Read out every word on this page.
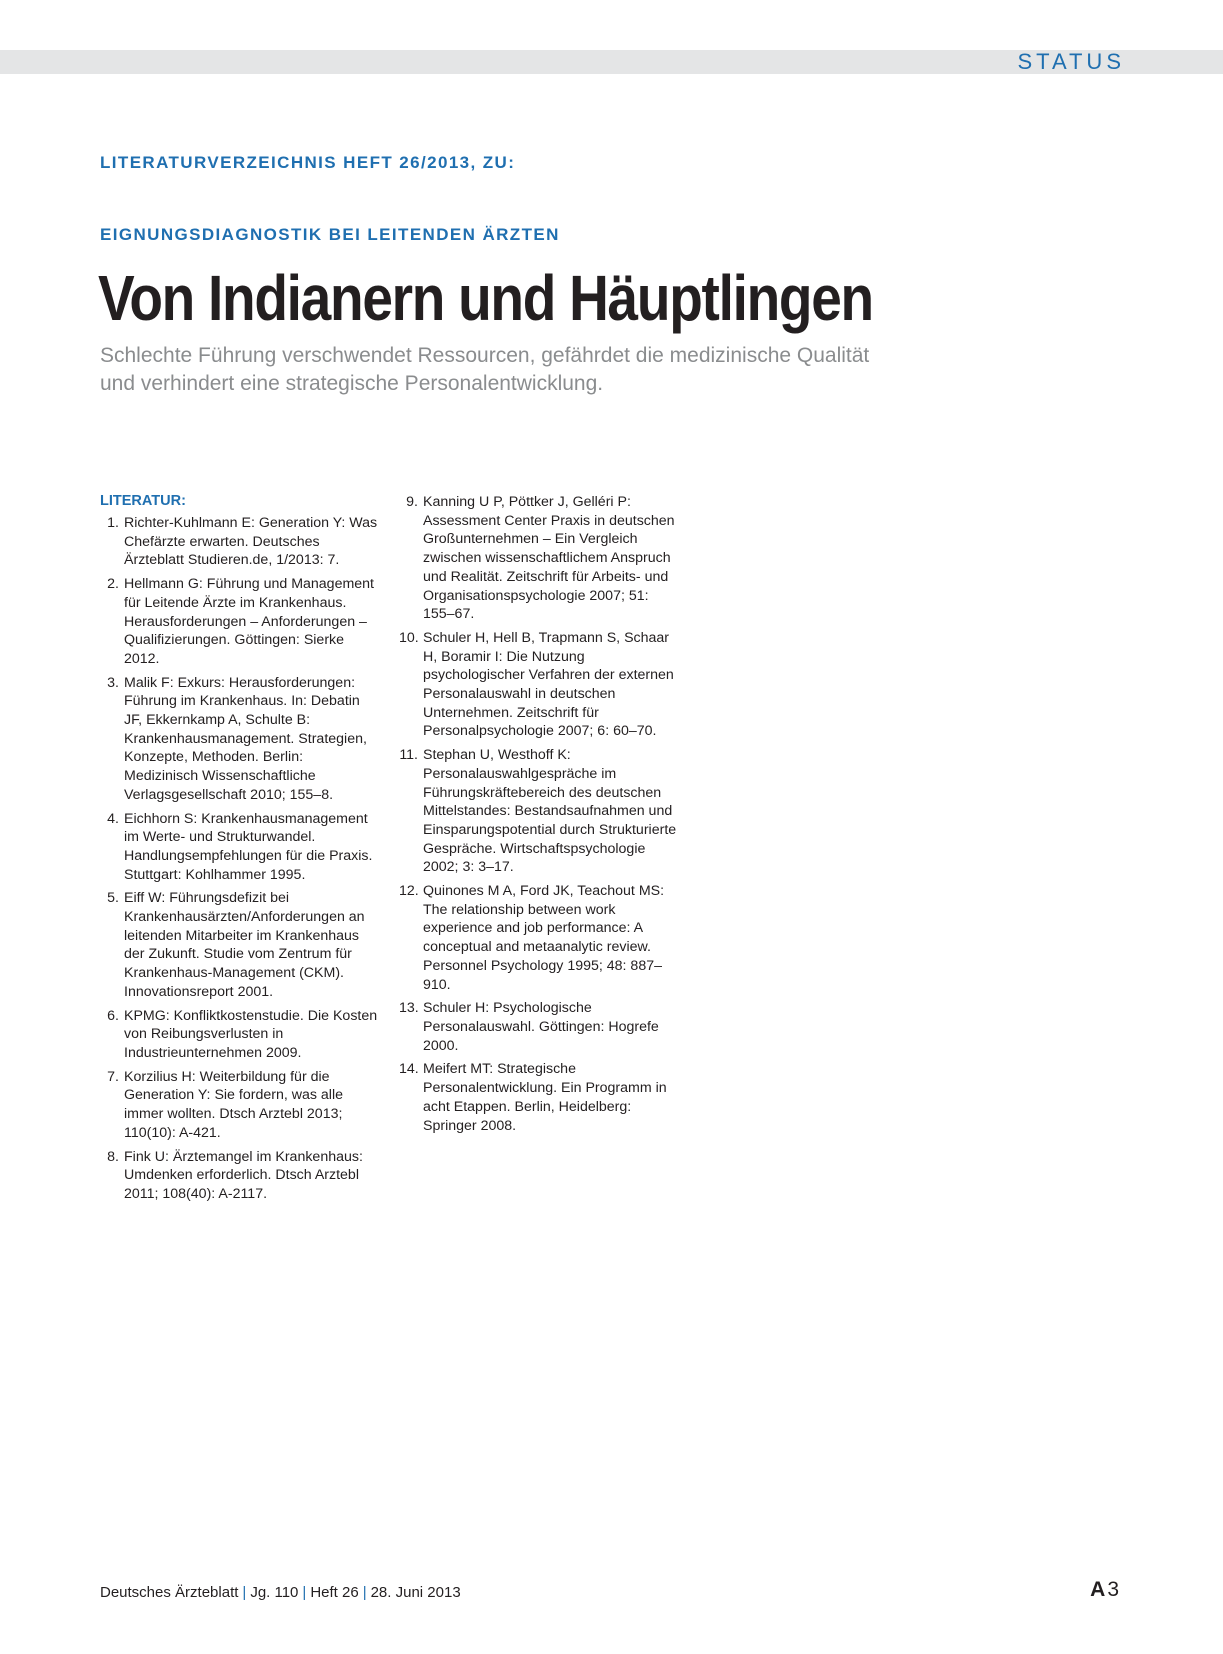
STATUS
LITERATURVERZEICHNIS HEFT 26/2013, ZU:
EIGNUNGSDIAGNOSTIK BEI LEITENDEN ÄRZTEN
Von Indianern und Häuptlingen
Schlechte Führung verschwendet Ressourcen, gefährdet die medizinische Qualität und verhindert eine strategische Personalentwicklung.
LITERATUR:
1. Richter-Kuhlmann E: Generation Y: Was Chefärzte erwarten. Deutsches Ärzteblatt Studieren.de, 1/2013: 7.
2. Hellmann G: Führung und Management für Leitende Ärzte im Krankenhaus. Herausforderungen – Anforderungen – Qualifizierungen. Göttingen: Sierke 2012.
3. Malik F: Exkurs: Herausforderungen: Führung im Krankenhaus. In: Debatin JF, Ekkernkamp A, Schulte B: Krankenhausmanagement. Strategien, Konzepte, Methoden. Berlin: Medizinisch Wissenschaftliche Verlagsgesellschaft 2010; 155–8.
4. Eichhorn S: Krankenhausmanagement im Werte- und Strukturwandel. Handlungsempfehlungen für die Praxis. Stuttgart: Kohlhammer 1995.
5. Eiff W: Führungsdefizit bei Krankenhausärzten/Anforderungen an leitenden Mitarbeiter im Krankenhaus der Zukunft. Studie vom Zentrum für Krankenhaus-Management (CKM). Innovationsreport 2001.
6. KPMG: Konfliktkostenstudie. Die Kosten von Reibungsverlusten in Industrieunternehmen 2009.
7. Korzilius H: Weiterbildung für die Generation Y: Sie fordern, was alle immer wollten. Dtsch Arztebl 2013; 110(10): A-421.
8. Fink U: Ärztemangel im Krankenhaus: Umdenken erforderlich. Dtsch Arztebl 2011; 108(40): A-2117.
9. Kanning U P, Pöttker J, Gelléri P: Assessment Center Praxis in deutschen Großunternehmen – Ein Vergleich zwischen wissenschaftlichem Anspruch und Realität. Zeitschrift für Arbeits- und Organisationspsychologie 2007; 51: 155–67.
10. Schuler H, Hell B, Trapmann S, Schaar H, Boramir I: Die Nutzung psychologischer Verfahren der externen Personalauswahl in deutschen Unternehmen. Zeitschrift für Personalpsychologie 2007; 6: 60–70.
11. Stephan U, Westhoff K: Personalauswahlgespräche im Führungskräftebereich des deutschen Mittelstandes: Bestandsaufnahmen und Einsparungspotential durch Strukturierte Gespräche. Wirtschaftspsychologie 2002; 3: 3–17.
12. Quinones M A, Ford JK, Teachout MS: The relationship between work experience and job performance: A conceptual and metaanalytic review. Personnel Psychology 1995; 48: 887–910.
13. Schuler H: Psychologische Personalauswahl. Göttingen: Hogrefe 2000.
14. Meifert MT: Strategische Personalentwicklung. Ein Programm in acht Etappen. Berlin, Heidelberg: Springer 2008.
Deutsches Ärzteblatt | Jg. 110 | Heft 26 | 28. Juni 2013	A3
